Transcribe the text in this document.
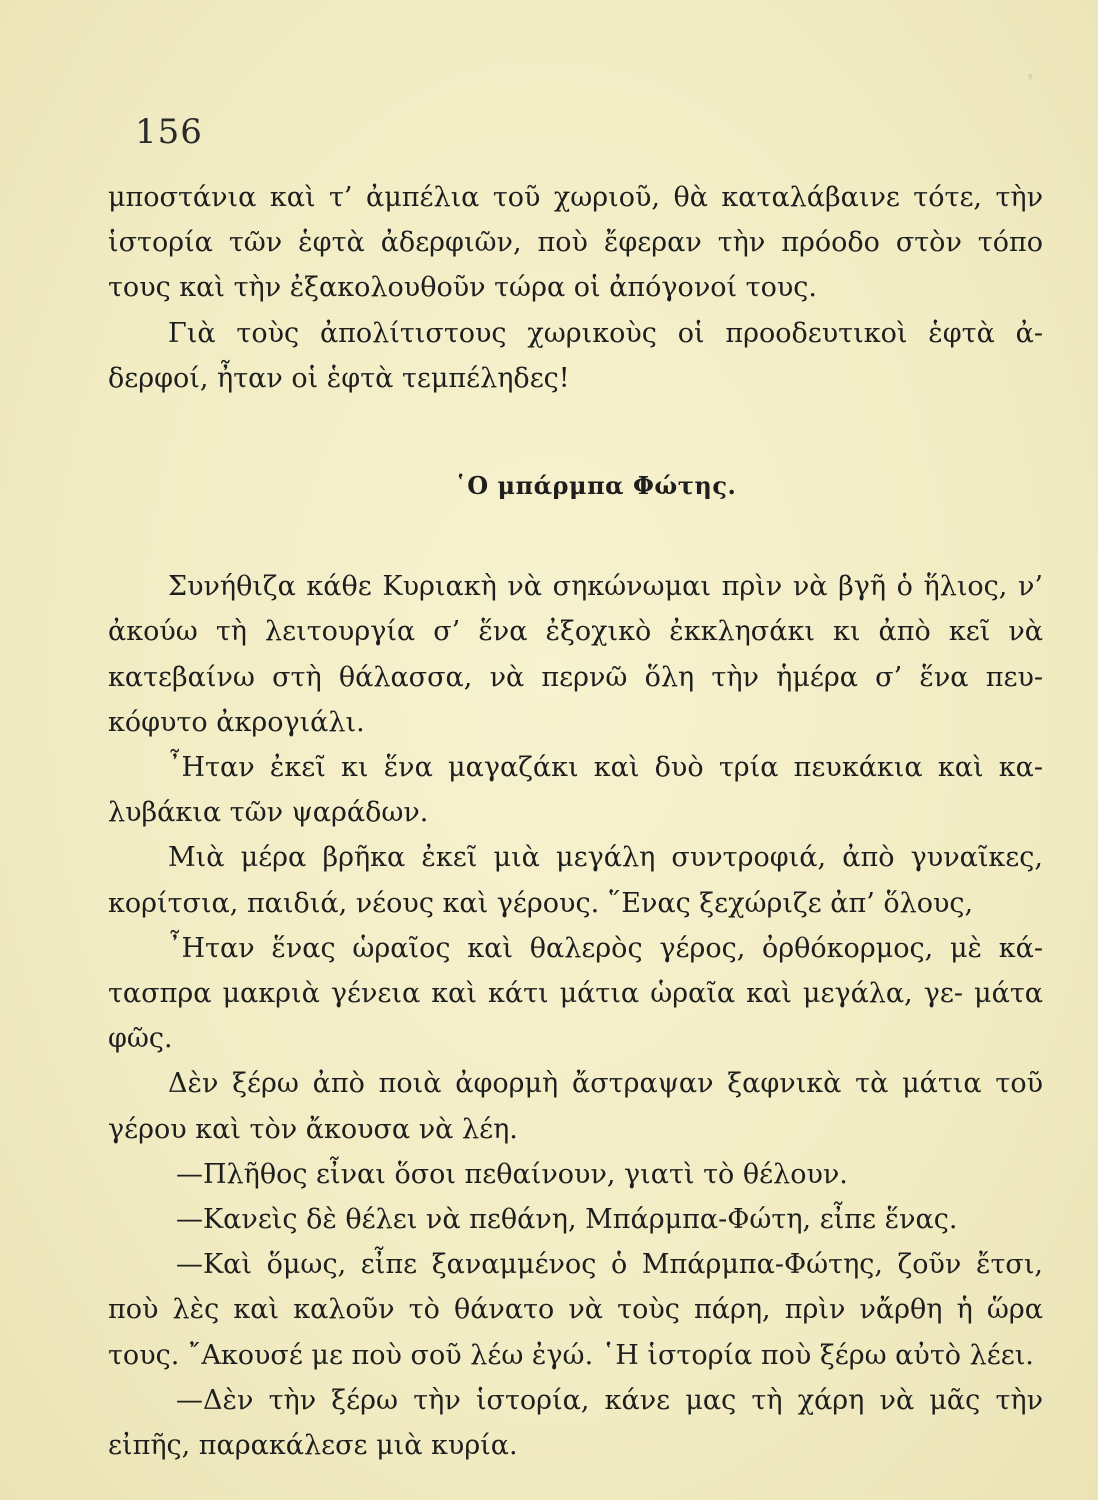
᾿
156

μποστάνια καὶ τ’ ἀμπέλια τοῦ χωριοῦ, θὰ καταλάβαινε τότε, τὴν ἱστορία τῶν ἑφτὰ ἀδερφιῶν, ποὺ ἔφεραν τὴν πρόοδο στὸν τόπο τους καὶ τὴν ἐξακολουθοῦν τώρα οἱ ἀπόγονοί τους.

Γιὰ τοὺς ἀπολίτιστους χωρικοὺς οἱ προοδευτικοὶ ἑφτὰ ἀ- δερφοί, ἦταν οἱ ἑφτὰ τεμπέληδες!

῾Ο μπάρμπα Φώτης.

Συνήθιζα κάθε Κυριακὴ νὰ σηκώνωμαι πρὶν νὰ βγῆ ὁ ἥλιος, ν’ ἀκούω τὴ λειτουργία σ’ ἕνα ἐξοχικὸ ἐκκλησάκι κι ἀπὸ κεῖ νὰ κατεβαίνω στὴ θάλασσα, νὰ περνῶ ὅλη τὴν ἡμέρα σ’ ἕνα πευ- κόφυτο ἀκρογιάλι.

῏Ηταν ἐκεῖ κι ἕνα μαγαζάκι καὶ δυὸ τρία πευκάκια καὶ κα- λυβάκια τῶν ψαράδων.

Μιὰ μέρα βρῆκα ἐκεῖ μιὰ μεγάλη συντροφιά, ἀπὸ γυναῖκες, κορίτσια, παιδιά, νέους καὶ γέρους. ῞Ενας ξεχώριζε ἀπ’ ὅλους,

῏Ηταν ἕνας ὡραῖος καὶ θαλερὸς γέρος, ὀρθόκορμος, μὲ κά- τασπρα μακριὰ γένεια καὶ κάτι μάτια ὡραῖα καὶ μεγάλα, γε- μάτα φῶς.

Δὲν ξέρω ἀπὸ ποιὰ ἀφορμὴ ἄστραψαν ξαφνικὰ τὰ μάτια τοῦ γέρου καὶ τὸν ἄκουσα νὰ λέη.

—Πλῆθος εἶναι ὅσοι πεθαίνουν, γιατὶ τὸ θέλουν.

—Κανεὶς δὲ θέλει νὰ πεθάνη, Μπάρμπα-Φώτη, εἶπε ἕνας.

—Καὶ ὅμως, εἶπε ξαναμμένος ὁ Μπάρμπα-Φώτης, ζοῦν ἔτσι, ποὺ λὲς καὶ καλοῦν τὸ θάνατο νὰ τοὺς πάρη, πρὶν νἄρθη ἡ ὥρα τους. ῎Ακουσέ με ποὺ σοῦ λέω ἐγώ. ῾Η ἱστορία ποὺ ξέρω αὐτὸ λέει.

—Δὲν τὴν ξέρω τὴν ἱστορία, κάνε μας τὴ χάρη νὰ μᾶς τὴν εἰπῆς, παρακάλεσε μιὰ κυρία.
